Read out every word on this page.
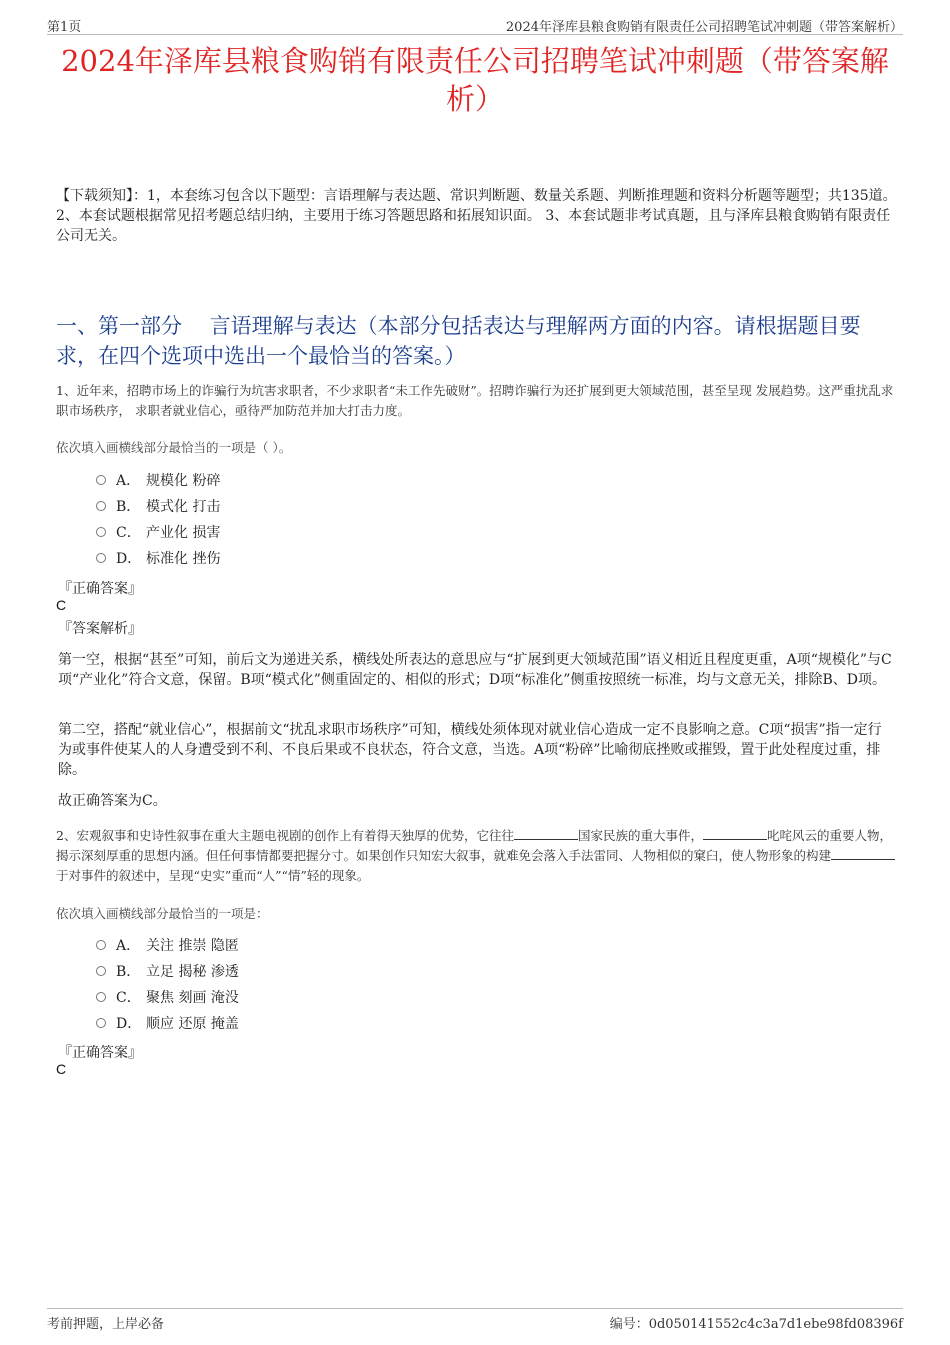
第1页	2024年泽库县粮食购销有限责任公司招聘笔试冲刺题（带答案解析）
2024年泽库县粮食购销有限责任公司招聘笔试冲刺题（带答案解析）
【下载须知】：1，本套练习包含以下题型：言语理解与表达题、常识判断题、数量关系题、判断推理题和资料分析题等题型；共135道。 2、本套试题根据常见招考题总结归纳，主要用于练习答题思路和拓展知识面。 3、本套试题非考试真题，且与泽库县粮食购销有限责任公司无关。
一、第一部分　 言语理解与表达（本部分包括表达与理解两方面的内容。请根据题目要求，在四个选项中选出一个最恰当的答案。）
1、近年来，招聘市场上的诈骗行为坑害求职者，不少求职者“未工作先破财”。招聘诈骗行为还扩展到更大领域范围，甚至呈现 发展趋势。这严重扰乱求职市场秩序， 求职者就业信心，亟待严加防范并加大打击力度。
依次填入画横线部分最恰当的一项是（ ）。
A． 规模化 粉碎
B． 模式化 打击
C． 产业化 损害
D． 标准化 挫伤
『正确答案』
C
『答案解析』
第一空，根据“甚至”可知，前后文为递进关系，横线处所表达的意思应与“扩展到更大领域范围”语义相近且程度更重，A项“规模化”与C项“产业化”符合文意，保留。B项“模式化”侧重固定的、相似的形式；D项“标准化”侧重按照统一标准，均与文意无关，排除B、D项。
第二空，搭配“就业信心”，根据前文“扰乱求职市场秩序”可知，横线处须体现对就业信心造成一定不良影响之意。C项“损害”指一定行为或事件使某人的人身遭受到不利、不良后果或不良状态，符合文意，当选。A项“粉碎”比喻彻底挫败或摧毁，置于此处程度过重，排除。
故正确答案为C。
2、宏观叙事和史诗性叙事在重大主题电视剧的创作上有着得天独厚的优势，它往往	国家民族的重大事件，	叱咤风云的重要人物，揭示深刻厚重的思想内涵。但任何事情都要把握分寸。如果创作只知宏大叙事，就难免会落入手法雷同、人物相似的窠臼，使人物形象的构建于对事件的叙述中，呈现“史实”重而“人”“情”轻的现象。
依次填入画横线部分最恰当的一项是：
A． 关注 推崇 隐匿
B． 立足 揭秘 渗透
C． 聚焦 刻画 淹没
D． 顺应 还原 掩盖
『正确答案』
C
考前押题，上岸必备	编号：0d050141552c4c3a7d1ebe98fd08396f
